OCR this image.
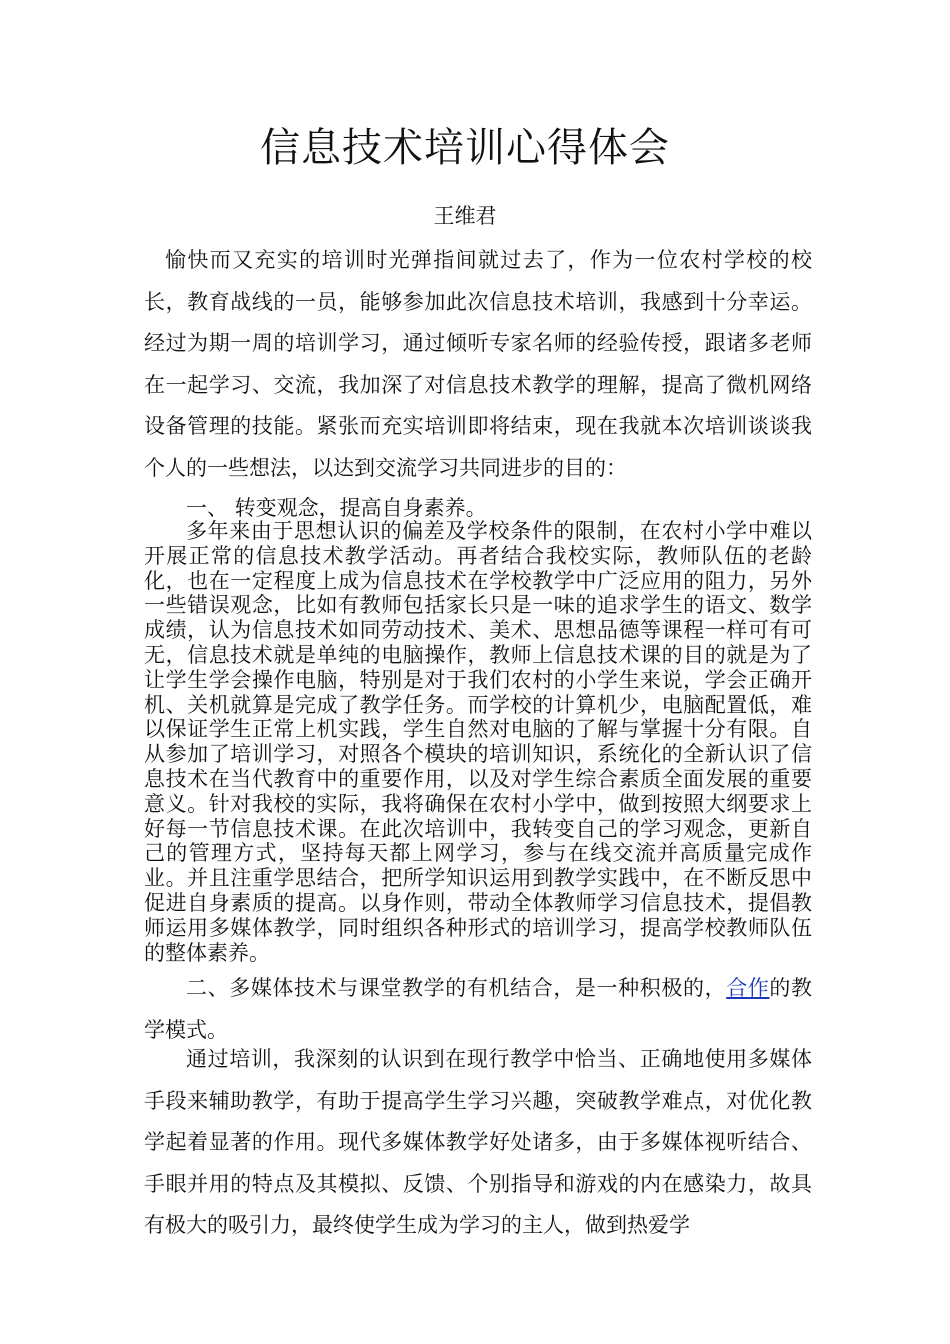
信息技术培训心得体会
王维君

愉快而又充实的培训时光弹指间就过去了，作为一位农村学校的校长，教育战线的一员，能够参加此次信息技术培训，我感到十分幸运。经过为期一周的培训学习，通过倾听专家名师的经验传授，跟诸多老师在一起学习、交流，我加深了对信息技术教学的理解，提高了微机网络设备管理的技能。紧张而充实培训即将结束，现在我就本次培训谈谈我个人的一些想法，以达到交流学习共同进步的目的：

一、 转变观念，提高自身素养。

多年来由于思想认识的偏差及学校条件的限制，在农村小学中难以开展正常的信息技术教学活动。再者结合我校实际，教师队伍的老龄化，也在一定程度上成为信息技术在学校教学中广泛应用的阻力，另外一些错误观念，比如有教师包括家长只是一味的追求学生的语文、数学成绩，认为信息技术如同劳动技术、美术、思想品德等课程一样可有可无，信息技术就是单纯的电脑操作，教师上信息技术课的目的就是为了让学生学会操作电脑，特别是对于我们农村的小学生来说，学会正确开机、关机就算是完成了教学任务。而学校的计算机少，电脑配置低，难以保证学生正常上机实践，学生自然对电脑的了解与掌握十分有限。自从参加了培训学习，对照各个模块的培训知识，系统化的全新认识了信息技术在当代教育中的重要作用，以及对学生综合素质全面发展的重要意义。针对我校的实际，我将确保在农村小学中，做到按照大纲要求上好每一节信息技术课。在此次培训中，我转变自己的学习观念，更新自己的管理方式，坚持每天都上网学习，参与在线交流并高质量完成作业。并且注重学思结合，把所学知识运用到教学实践中，在不断反思中促进自身素质的提高。以身作则，带动全体教师学习信息技术，提倡教师运用多媒体教学，同时组织各种形式的培训学习，提高学校教师队伍的整体素养。

二、多媒体技术与课堂教学的有机结合，是一种积极的，合作的教学模式。

通过培训，我深刻的认识到在现行教学中恰当、正确地使用多媒体手段来辅助教学，有助于提高学生学习兴趣，突破教学难点，对优化教学起着显著的作用。现代多媒体教学好处诸多，由于多媒体视听结合、手眼并用的特点及其模拟、反馈、个别指导和游戏的内在感染力，故具有极大的吸引力，最终使学生成为学习的主人，做到热爱学
